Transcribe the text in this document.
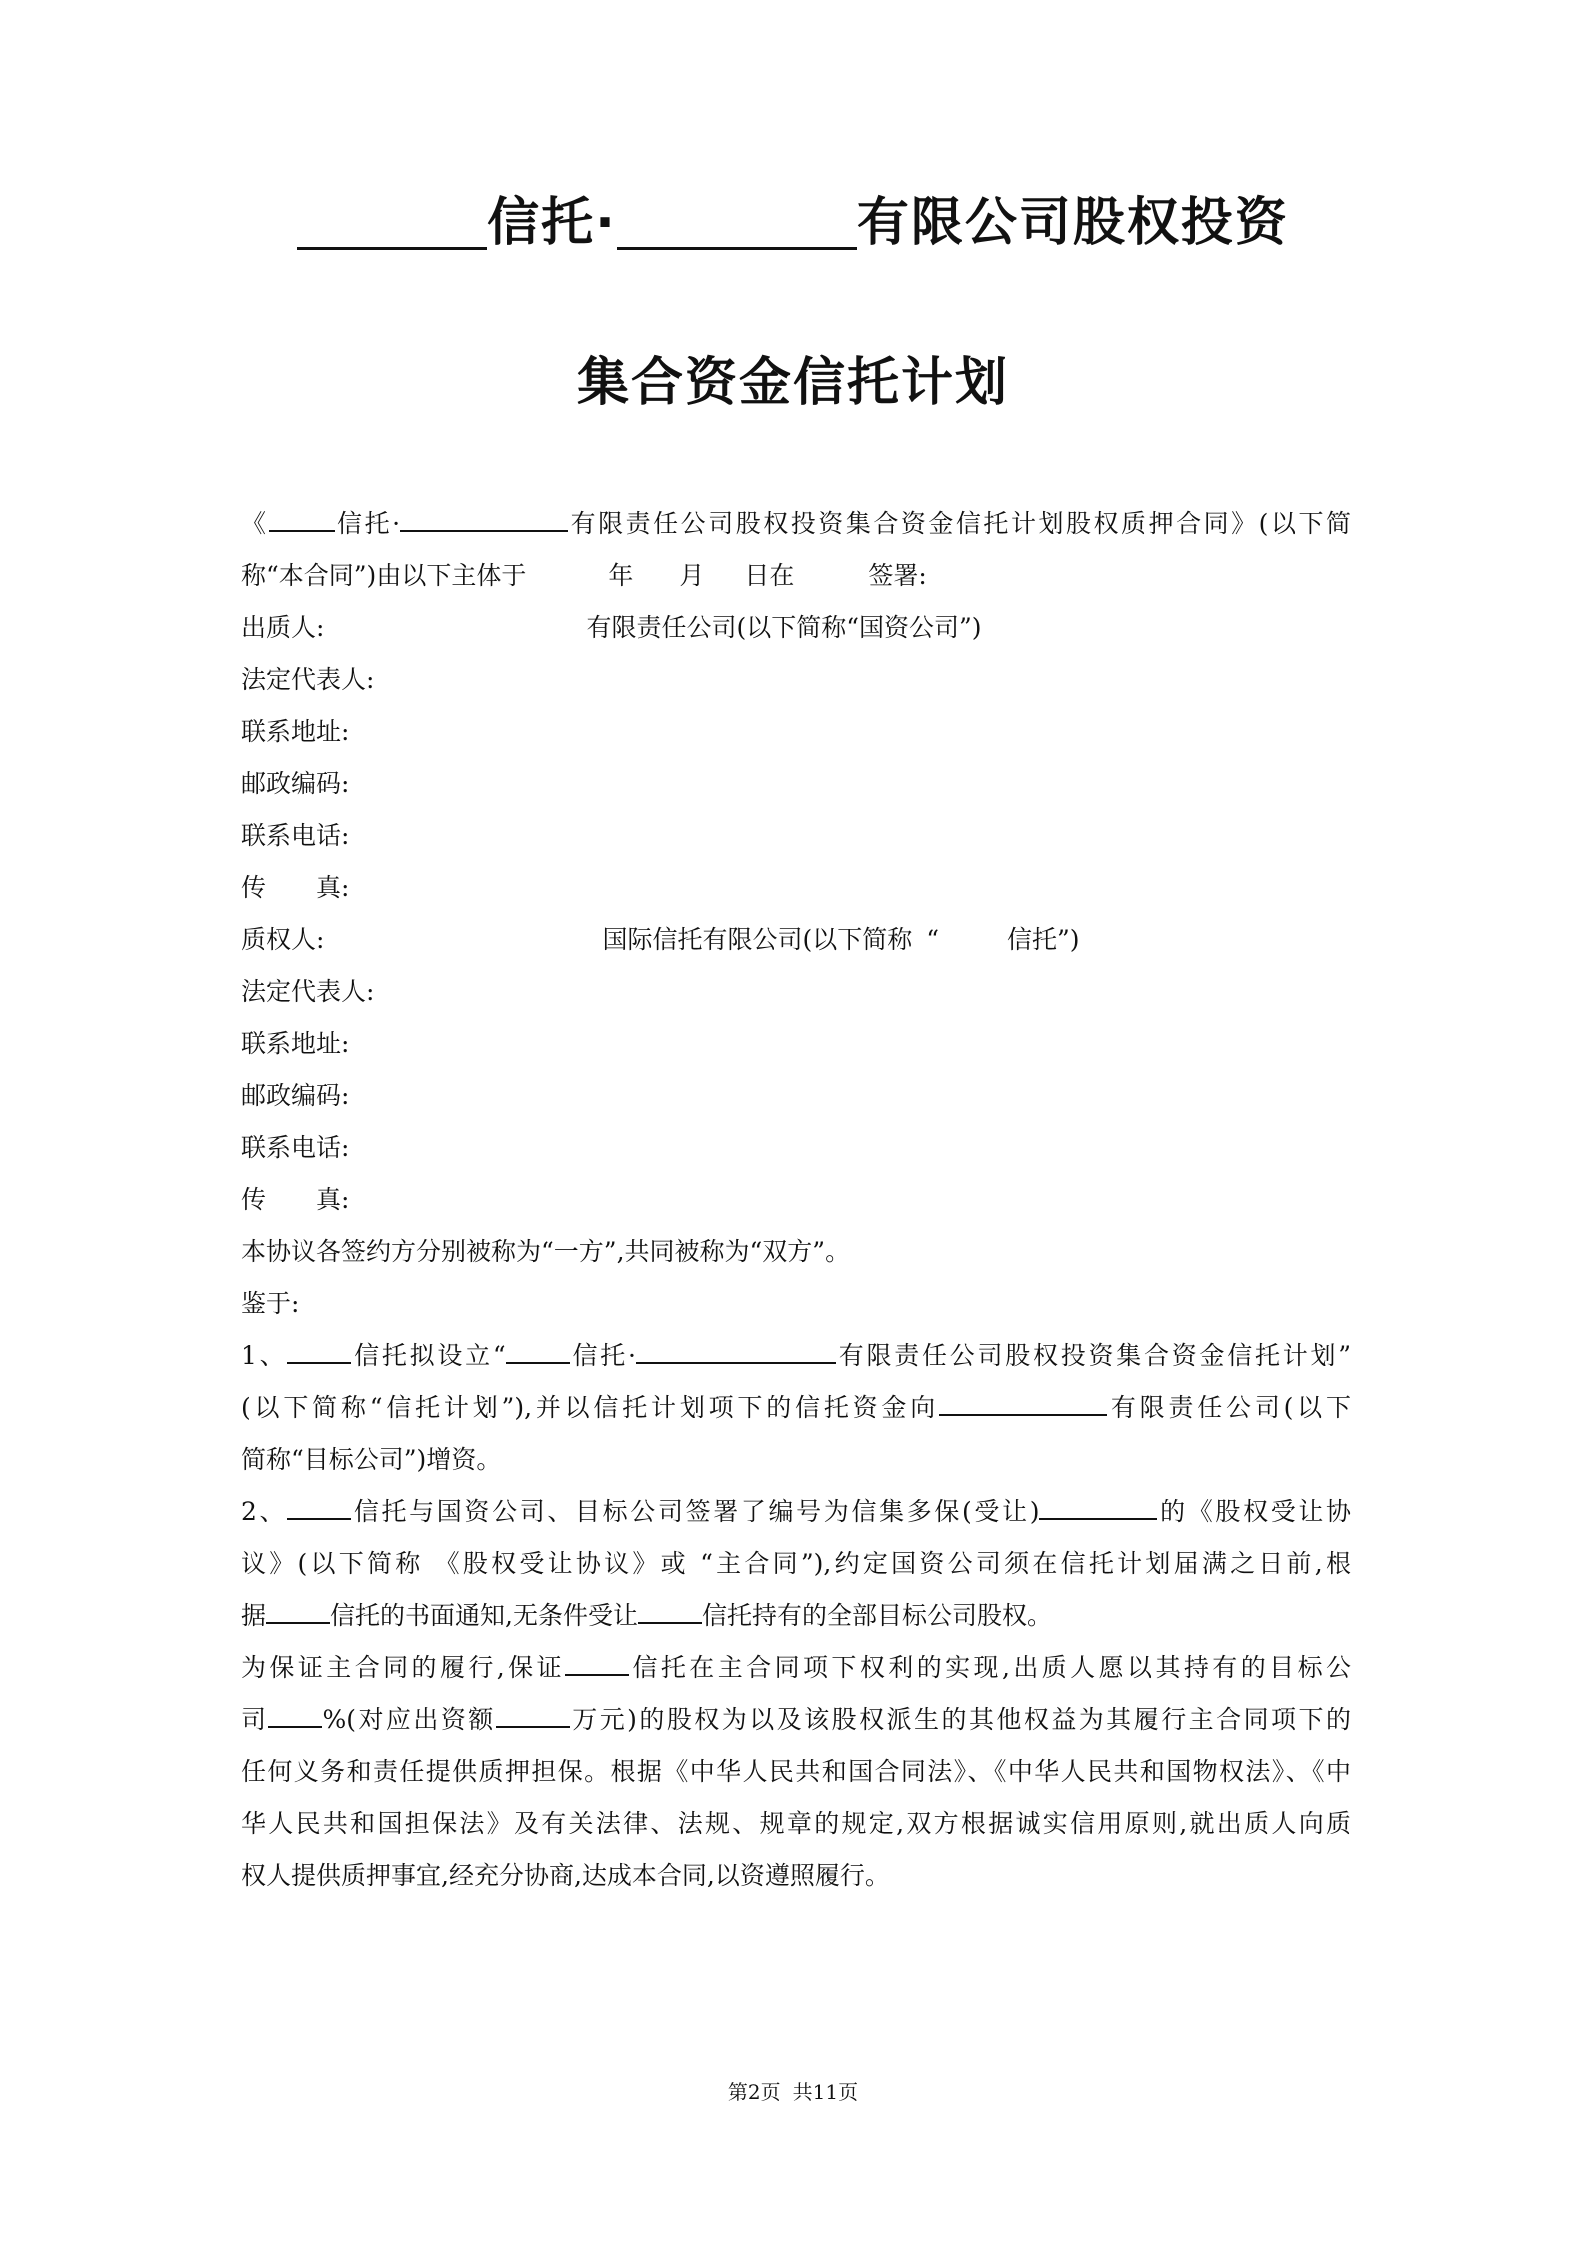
信托·	有限公司股权投资
集合资金信托计划
《	信托·	有限责任公司股权投资集合资金信托计划股权质押合同》(以下简
称“本合同”)由以下主体于	年 月 日在	签署:
出质人:	有限责任公司(以下简称“国资公司”)
法定代表人:
联系地址:
邮政编码:
联系电话:
传 真:
质权人:	国际信托有限公司(以下简称 “	信托”)
法定代表人:
联系地址:
邮政编码:
联系电话:
传 真:
本协议各签约方分别被称为“一方”,共同被称为“双方”。
鉴于:
1、	信托拟设立“	信托·	有限责任公司股权投资集合资金信托计划”
(以下简称“信托计划”),并以信托计划项下的信托资金向	有限责任公司(以下
简称“目标公司”)增资。
2、	信托与国资公司、目标公司签署了编号为信集多保(受让)	的《股权受让协
议》(以下简称 《股权受让协议》或 “主合同”),约定国资公司须在信托计划届满之日前,根
据	信托的书面通知,无条件受让	信托持有的全部目标公司股权。
为保证主合同的履行,保证	信托在主合同项下权利的实现,出质人愿以其持有的目标公
司 %(对应出资额	万元)的股权为以及该股权派生的其他权益为其履行主合同项下的
任何义务和责任提供质押担保。根据《中华人民共和国合同法》、《中华人民共和国物权法》、《中
华人民共和国担保法》及有关法律、法规、规章的规定,双方根据诚实信用原则,就出质人向质
权人提供质押事宜,经充分协商,达成本合同,以资遵照履行。
第2页 共11页
